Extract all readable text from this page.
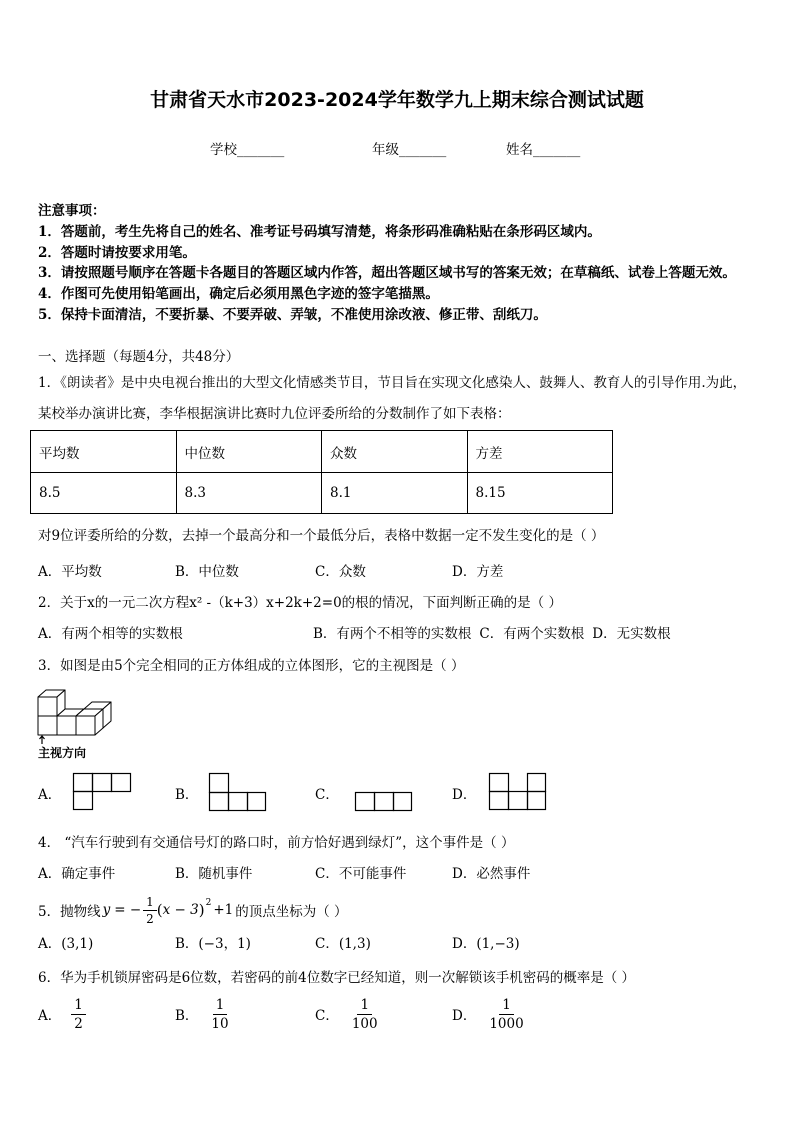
甘肃省天水市2023-2024学年数学九上期末综合测试试题
学校_______	年级_______	姓名_______
注意事项：
1．答题前，考生先将自己的姓名、准考证号码填写清楚，将条形码准确粘贴在条形码区域内。
2．答题时请按要求用笔。
3．请按照题号顺序在答题卡各题目的答题区域内作答，超出答题区域书写的答案无效；在草稿纸、试卷上答题无效。
4．作图可先使用铅笔画出，确定后必须用黑色字迹的签字笔描黑。
5．保持卡面清洁，不要折暴、不要弄破、弄皱，不准使用涂改液、修正带、刮纸刀。
一、选择题（每题4分，共48分）
1．《朗读者》是中央电视台推出的大型文化情感类节目，节目旨在实现文化感染人、鼓舞人、教育人的引导作用.为此，
某校举办演讲比赛，李华根据演讲比赛时九位评委所给的分数制作了如下表格：
平均数	中位数	众数	方差
8.5	8.3	8.1	8.15
对9位评委所给的分数，去掉一个最高分和一个最低分后，表格中数据一定不发生变化的是（ ）
A．平均数	B．中位数	C．众数	D．方差
2．关于x的一元二次方程x² -（k+3）x+2k+2=0的根的情况，下面判断正确的是（ ）
A．有两个相等的实数根	B．有两个不相等的实数根 C．有两个实数根 D．无实数根
3．如图是由5个完全相同的正方体组成的立体图形，它的主视图是（ ）
主视方向
A．	B．	C．	D．
4． “汽车行驶到有交通信号灯的路口时，前方恰好遇到绿灯”，这个事件是（ ）
A．确定事件	B．随机事件	C．不可能事件	D．必然事件
5．抛物线 y = − $\frac{1}{2}$ ( x − 3 ) 2 +1 的顶点坐标为（ ）
A．(3,1)	B．(−3，1)	C．(1,3)	D．(1,−3)
6．华为手机锁屏密码是6位数，若密码的前4位数字已经知道，则一次解锁该手机密码的概率是（ ）
A． $\frac{1}{2}$	B． $\frac{1}{10}$	C． $\frac{1}{100}$	D． $\frac{1}{1000}$
